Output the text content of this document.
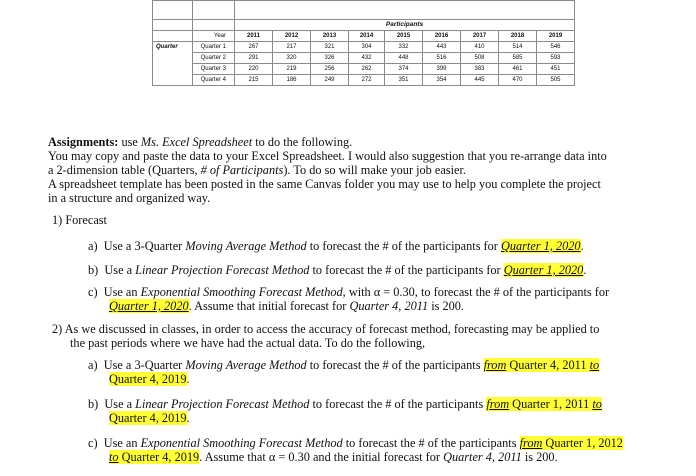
		Participants								
	Year	2011	2012	2013	2014	2015	2016	2017	2018	2019
Quarter	Quarter 1	267	217	321	304	332	443	410	514	546
	Quarter 2	291	320	326	432	448	516	508	585	593
	Quarter 3	220	219	256	262	374	399	383	461	451
	Quarter 4	215	186	249	272	351	354	445	470	505
Assignments: use Ms. Excel Spreadsheet to do the following.
You may copy and paste the data to your Excel Spreadsheet. I would also suggestion that you re-arrange data into
a 2-dimension table (Quarters, # of Participants). To do so will make your job easier.
A spreadsheet template has been posted in the same Canvas folder you may use to help you complete the project
in a structure and organized way.
1) Forecast
a) Use a 3-Quarter Moving Average Method to forecast the # of the participants for Quarter 1, 2020.
b) Use a Linear Projection Forecast Method to forecast the # of the participants for Quarter 1, 2020.
c) Use an Exponential Smoothing Forecast Method, with α = 0.30, to forecast the # of the participants for
Quarter 1, 2020. Assume that initial forecast for Quarter 4, 2011 is 200.
2) As we discussed in classes, in order to access the accuracy of forecast method, forecasting may be applied to
the past periods where we have had the actual data. To do the following,
a) Use a 3-Quarter Moving Average Method to forecast the # of the participants from Quarter 4, 2011 to
Quarter 4, 2019.
b) Use a Linear Projection Forecast Method to forecast the # of the participants from Quarter 1, 2011 to
Quarter 4, 2019.
c) Use an Exponential Smoothing Forecast Method to forecast the # of the participants from Quarter 1, 2012
to Quarter 4, 2019. Assume that α = 0.30 and the initial forecast for Quarter 4, 2011 is 200.
